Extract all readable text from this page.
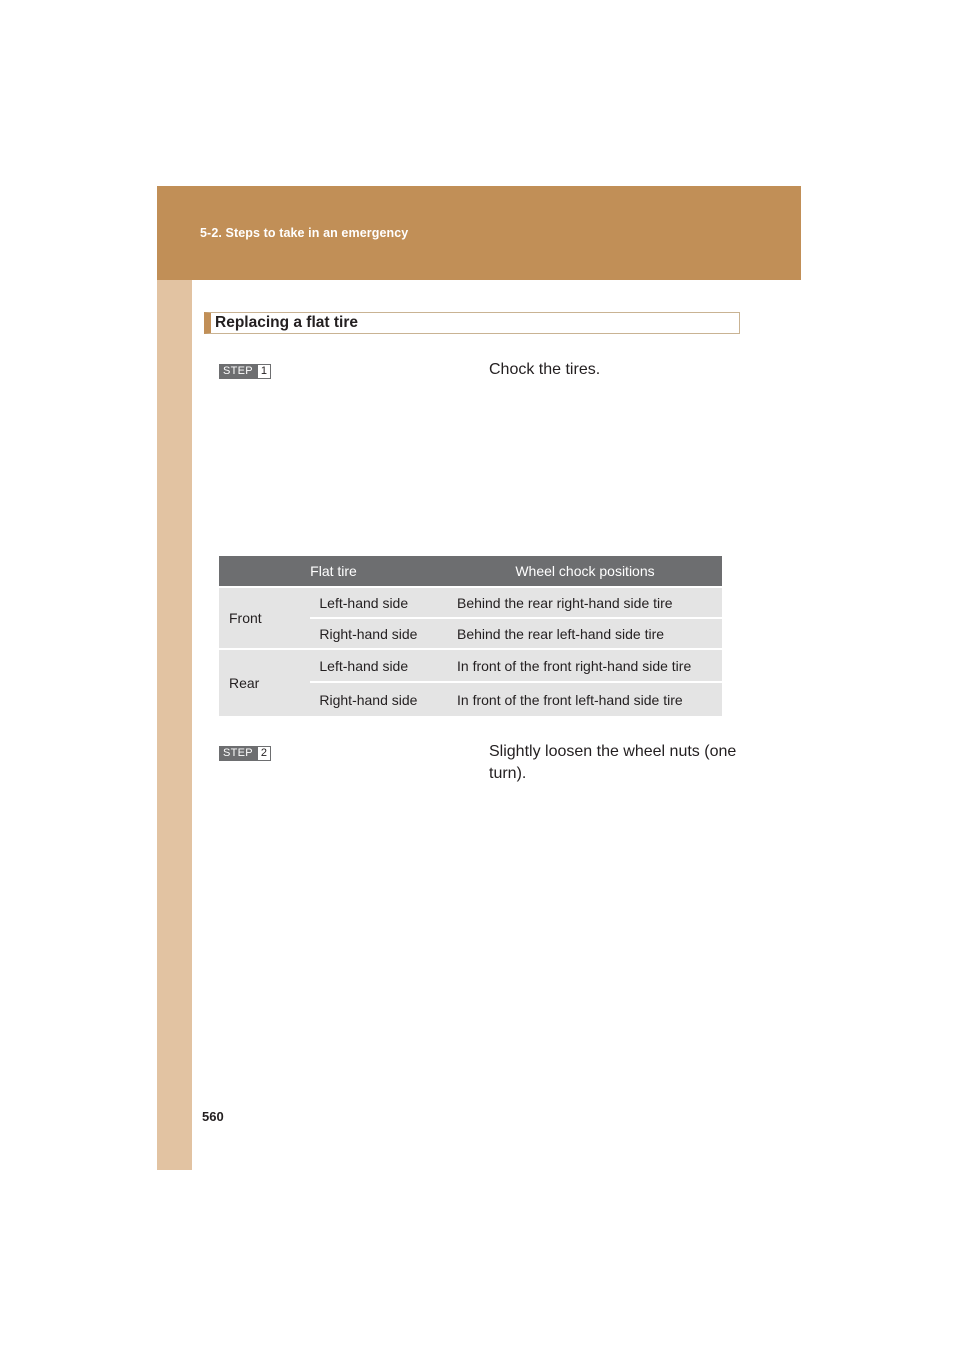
5-2. Steps to take in an emergency
Replacing a flat tire
STEP 1	Chock the tires.
Flat tire		Wheel chock positions
Front	Left-hand side	Behind the rear right-hand side tire
	Right-hand side	Behind the rear left-hand side tire
Rear	Left-hand side	In front of the front right-hand side tire
	Right-hand side	In front of the front left-hand side tire
STEP 2	Slightly loosen the wheel nuts (one turn).
560
